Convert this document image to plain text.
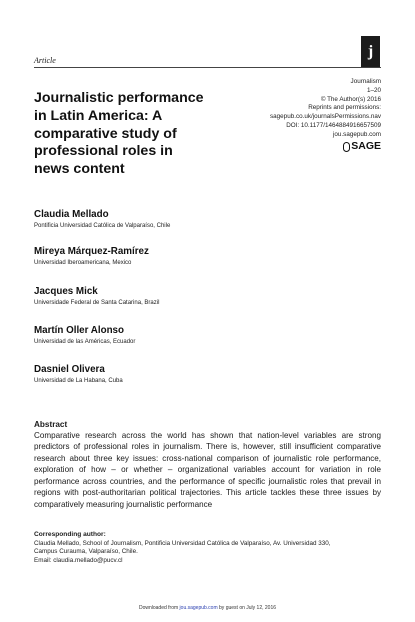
j
Article
Journalism
1–20
© The Author(s) 2016
Reprints and permissions:
sagepub.co.uk/journalsPermissions.nav
DOI: 10.1177/1464884916657509
jou.sagepub.com
SAGE
Journalistic performance
in Latin America: A
comparative study of
professional roles in
news content
Claudia Mellado
Pontificia Universidad Católica de Valparaíso, Chile
Mireya Márquez-Ramírez
Universidad Iberoamericana, Mexico
Jacques Mick
Universidade Federal de Santa Catarina, Brazil
Martín Oller Alonso
Universidad de las Américas, Ecuador
Dasniel Olivera
Universidad de La Habana, Cuba
Abstract
Comparative research across the world has shown that nation-level variables are strong predictors of professional roles in journalism. There is, however, still insufficient comparative research about three key issues: cross-national comparison of journalistic role performance, exploration of how – or whether – organizational variables account for variation in role performance across countries, and the performance of specific journalistic roles that prevail in regions with post-authoritarian political trajectories. This article tackles these three issues by comparatively measuring journalistic performance
Corresponding author:
Claudia Mellado, School of Journalism, Pontificia Universidad Católica de Valparaíso, Av. Universidad 330,
Campus Curauma, Valparaíso, Chile.
Email: claudia.mellado@pucv.cl
Downloaded from jou.sagepub.com by guest on July 12, 2016
